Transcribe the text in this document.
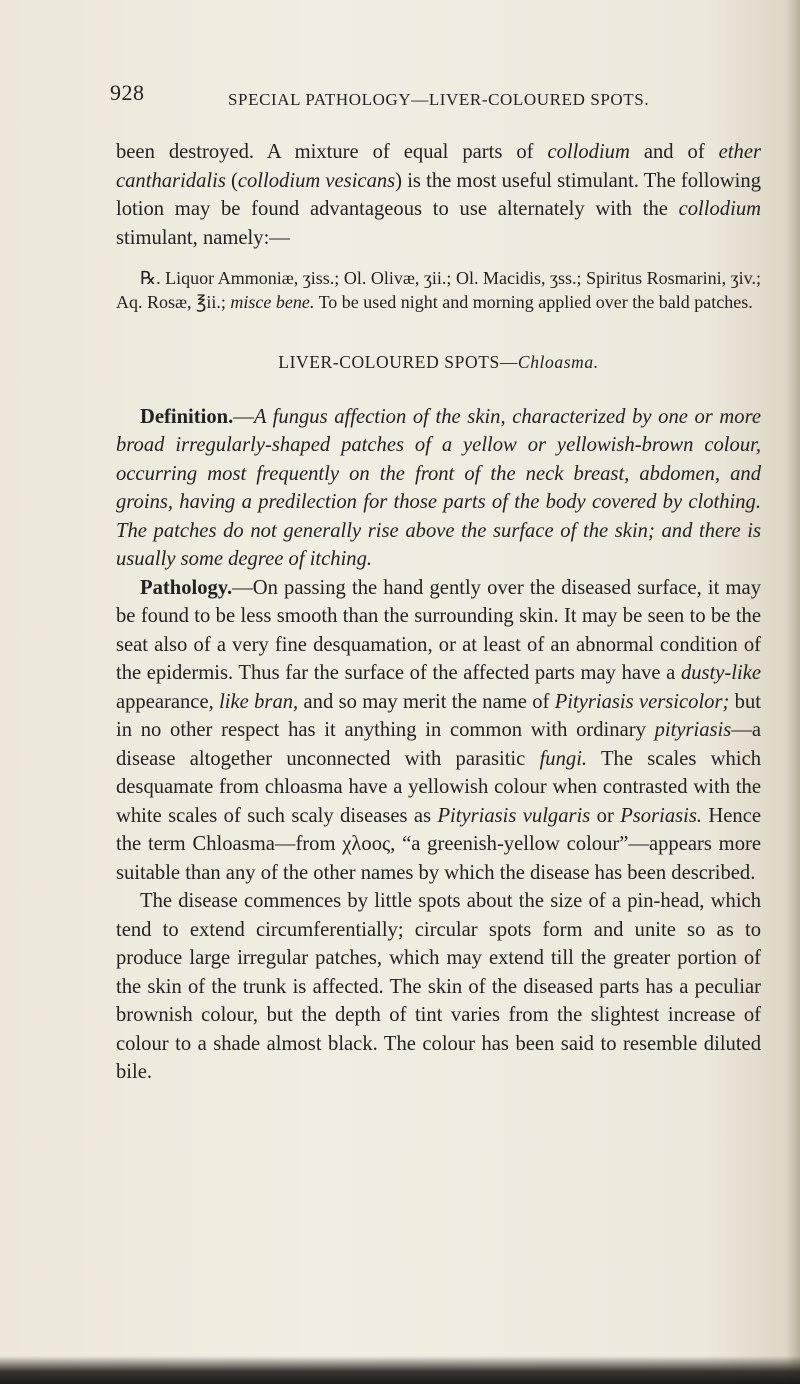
928	SPECIAL PATHOLOGY—LIVER-COLOURED SPOTS.

been destroyed. A mixture of equal parts of collodium and of ether cantharidalis (collodium vesicans) is the most useful stimulant. The following lotion may be found advantageous to use alternately with the collodium stimulant, namely:—

℞. Liquor Ammoniæ, ʒiss.; Ol. Olivæ, ʒii.; Ol. Macidis, ʒss.; Spiritus Rosmarini, ʒiv.; Aq. Rosæ, ℥ii.; misce bene. To be used night and morning applied over the bald patches.

LIVER-COLOURED SPOTS—Chloasma.

Definition.—A fungus affection of the skin, characterized by one or more broad irregularly-shaped patches of a yellow or yellowish-brown colour, occurring most frequently on the front of the neck breast, abdomen, and groins, having a predilection for those parts of the body covered by clothing. The patches do not generally rise above the surface of the skin; and there is usually some degree of itching.

Pathology.—On passing the hand gently over the diseased surface, it may be found to be less smooth than the surrounding skin. It may be seen to be the seat also of a very fine desquamation, or at least of an abnormal condition of the epidermis. Thus far the surface of the affected parts may have a dusty-like appearance, like bran, and so may merit the name of Pityriasis versicolor; but in no other respect has it anything in common with ordinary pityriasis—a disease altogether unconnected with parasitic fungi. The scales which desquamate from chloasma have a yellowish colour when contrasted with the white scales of such scaly diseases as Pityriasis vulgaris or Psoriasis. Hence the term Chloasma—from χλοος, “a greenish-yellow colour”—appears more suitable than any of the other names by which the disease has been described.

The disease commences by little spots about the size of a pin-head, which tend to extend circumferentially; circular spots form and unite so as to produce large irregular patches, which may extend till the greater portion of the skin of the trunk is affected. The skin of the diseased parts has a peculiar brownish colour, but the depth of tint varies from the slightest increase of colour to a shade almost black. The colour has been said to resemble diluted bile.
